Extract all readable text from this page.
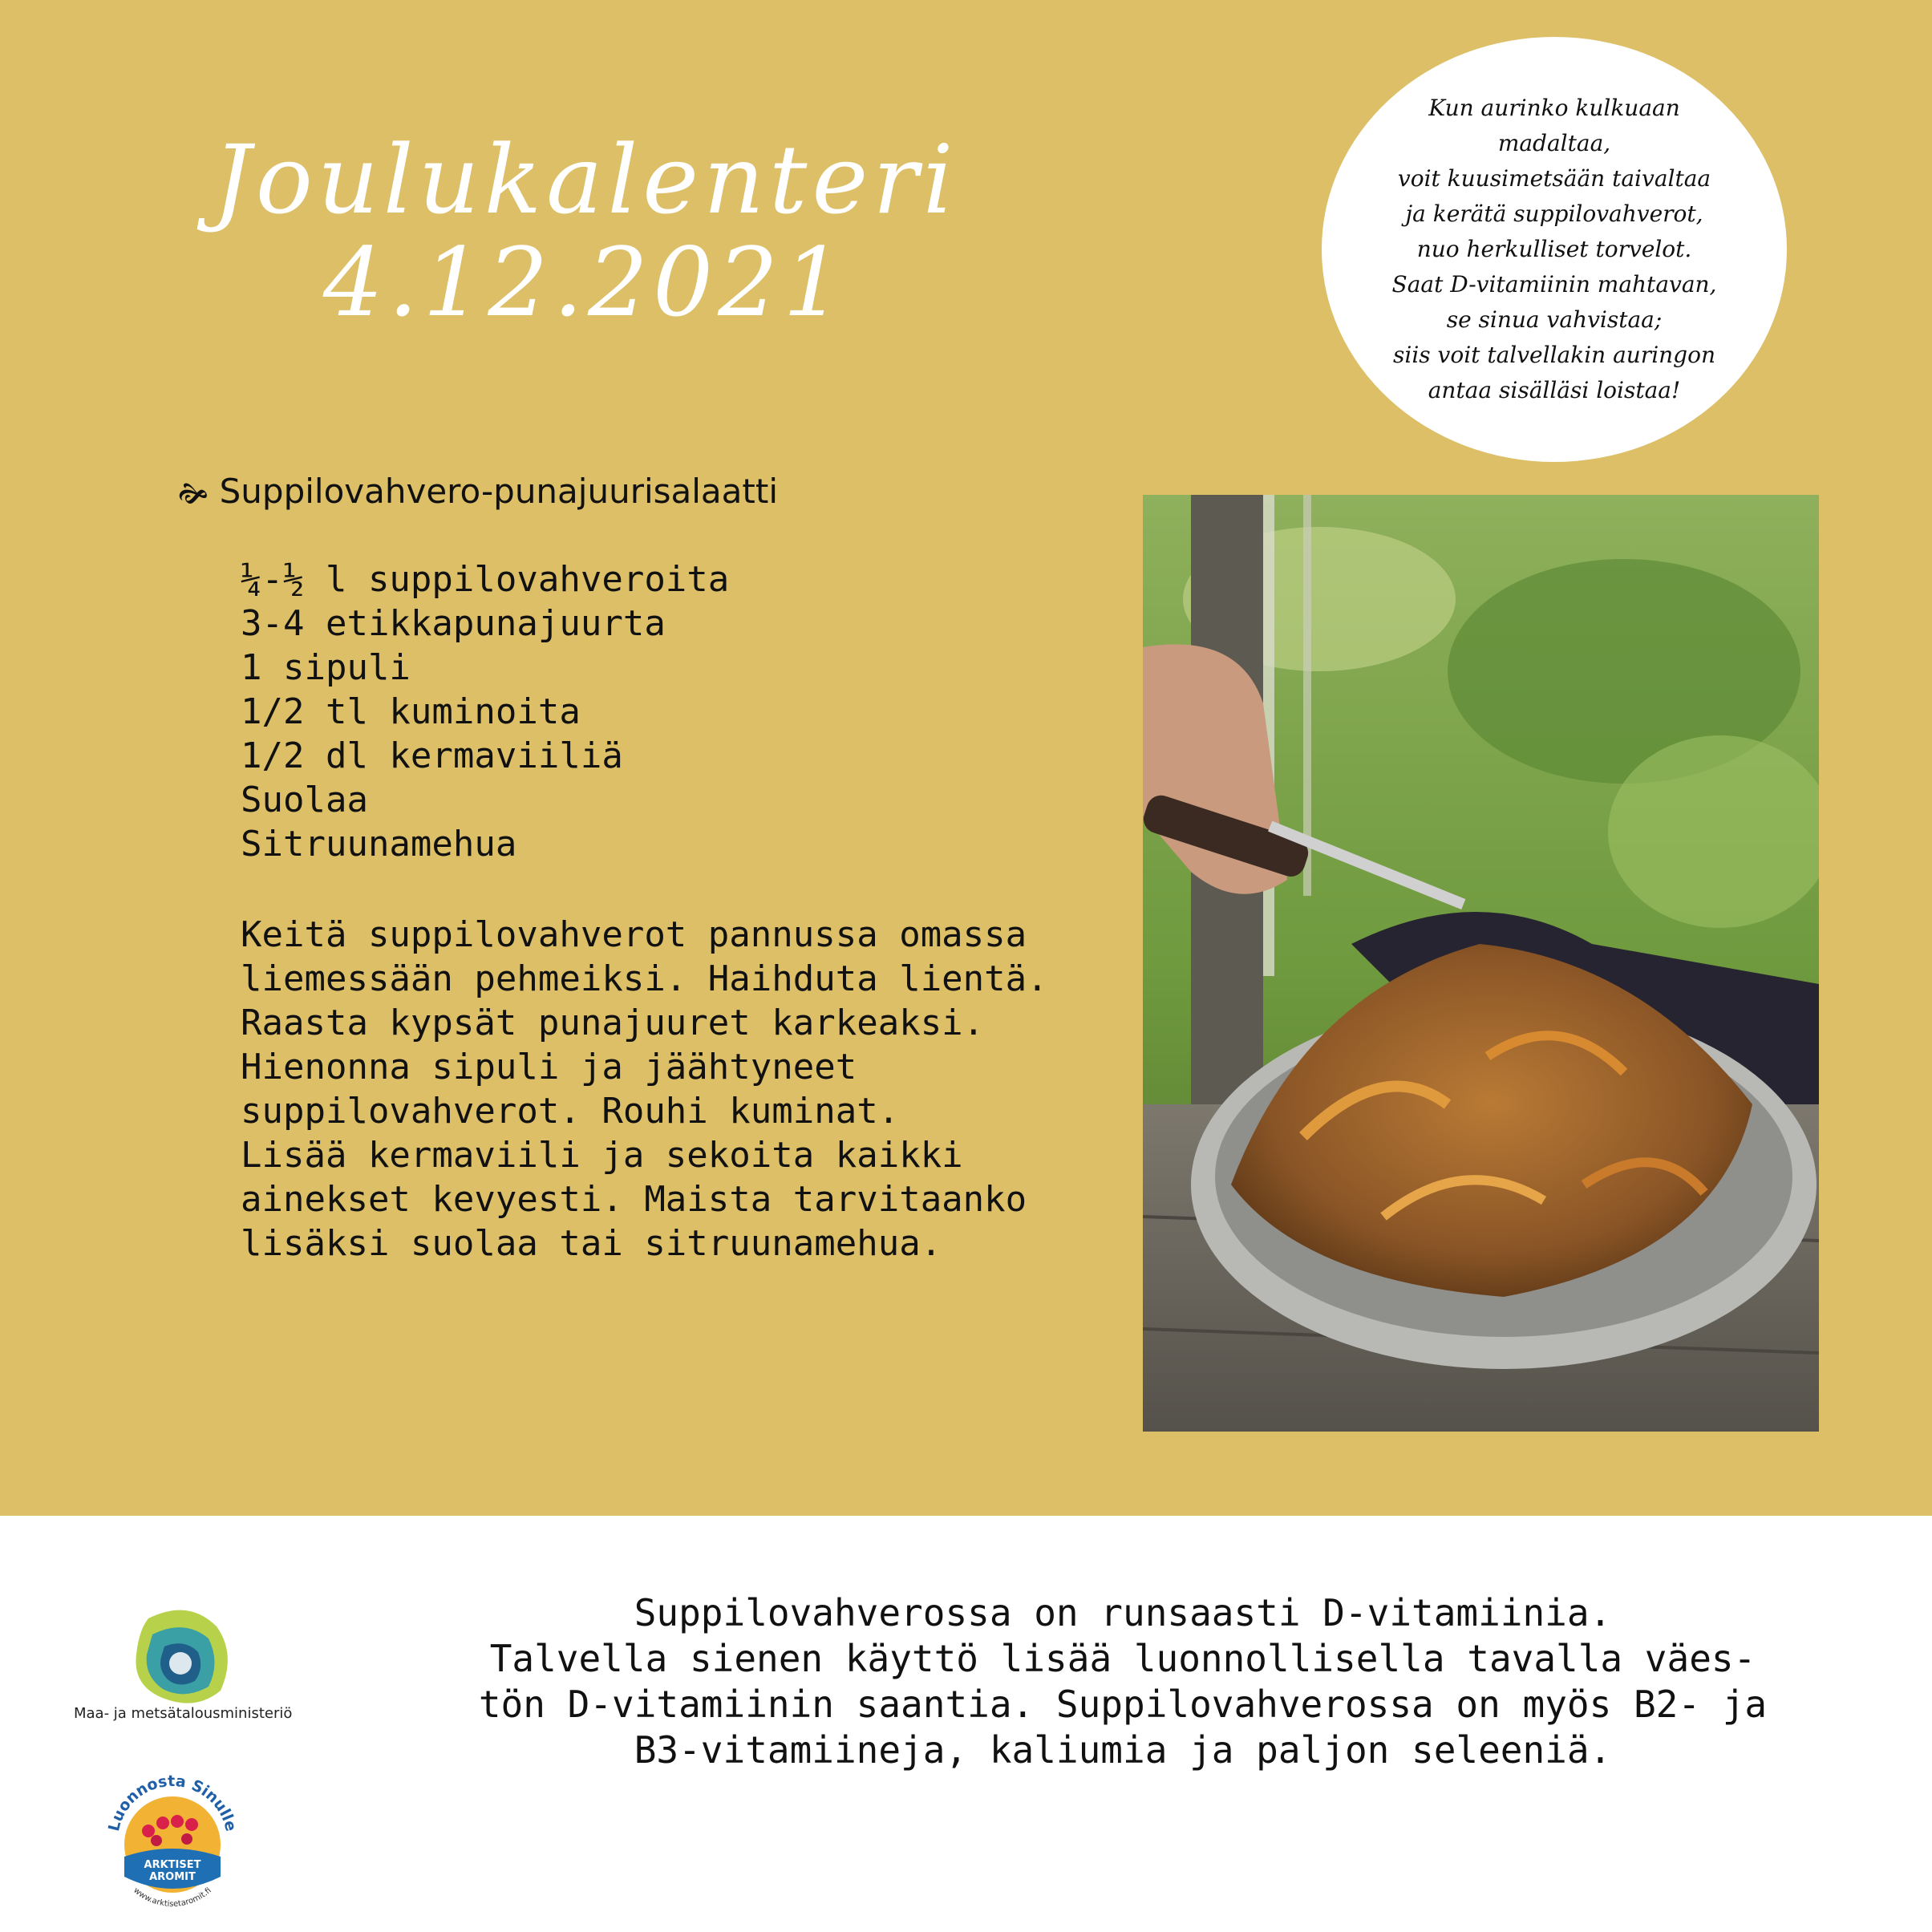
Joulukalenteri
4.12.2021
Kun aurinko kulkuaan
madaltaa,
voit kuusimetsään taivaltaa
ja kerätä suppilovahverot,
nuo herkulliset torvelot.
Saat D-vitamiinin mahtavan,
se sinua vahvistaa;
siis voit talvellakin auringon
antaa sisälläsi loistaa!
🙞 Suppilovahvero-punajuurisalaatti
¼-½ l suppilovahveroita
3-4 etikkapunajuurta
1 sipuli
1/2 tl kuminoita
1/2 dl kermaviiliä
Suolaa
Sitruunamehua
Keitä suppilovahverot pannussa omassa
liemessään pehmeiksi. Haihduta lientä.
Raasta kypsät punajuuret karkeaksi.
Hienonna sipuli ja jäähtyneet
suppilovahverot. Rouhi kuminat.
Lisää kermaviili ja sekoita kaikki
ainekset kevyesti. Maista tarvitaanko
lisäksi suolaa tai sitruunamehua.
Suppilovahverossa on runsaasti D-vitamiinia.
Talvella sienen käyttö lisää luonnollisella tavalla väes-
tön D-vitamiinin saantia. Suppilovahverossa on myös B2- ja
B3-vitamiineja, kaliumia ja paljon seleeniä.
Maa- ja metsätalousministeriö
Luonnosta Sinulle
ARKTISET
AROMIT
www.arktisetaromit.fi
